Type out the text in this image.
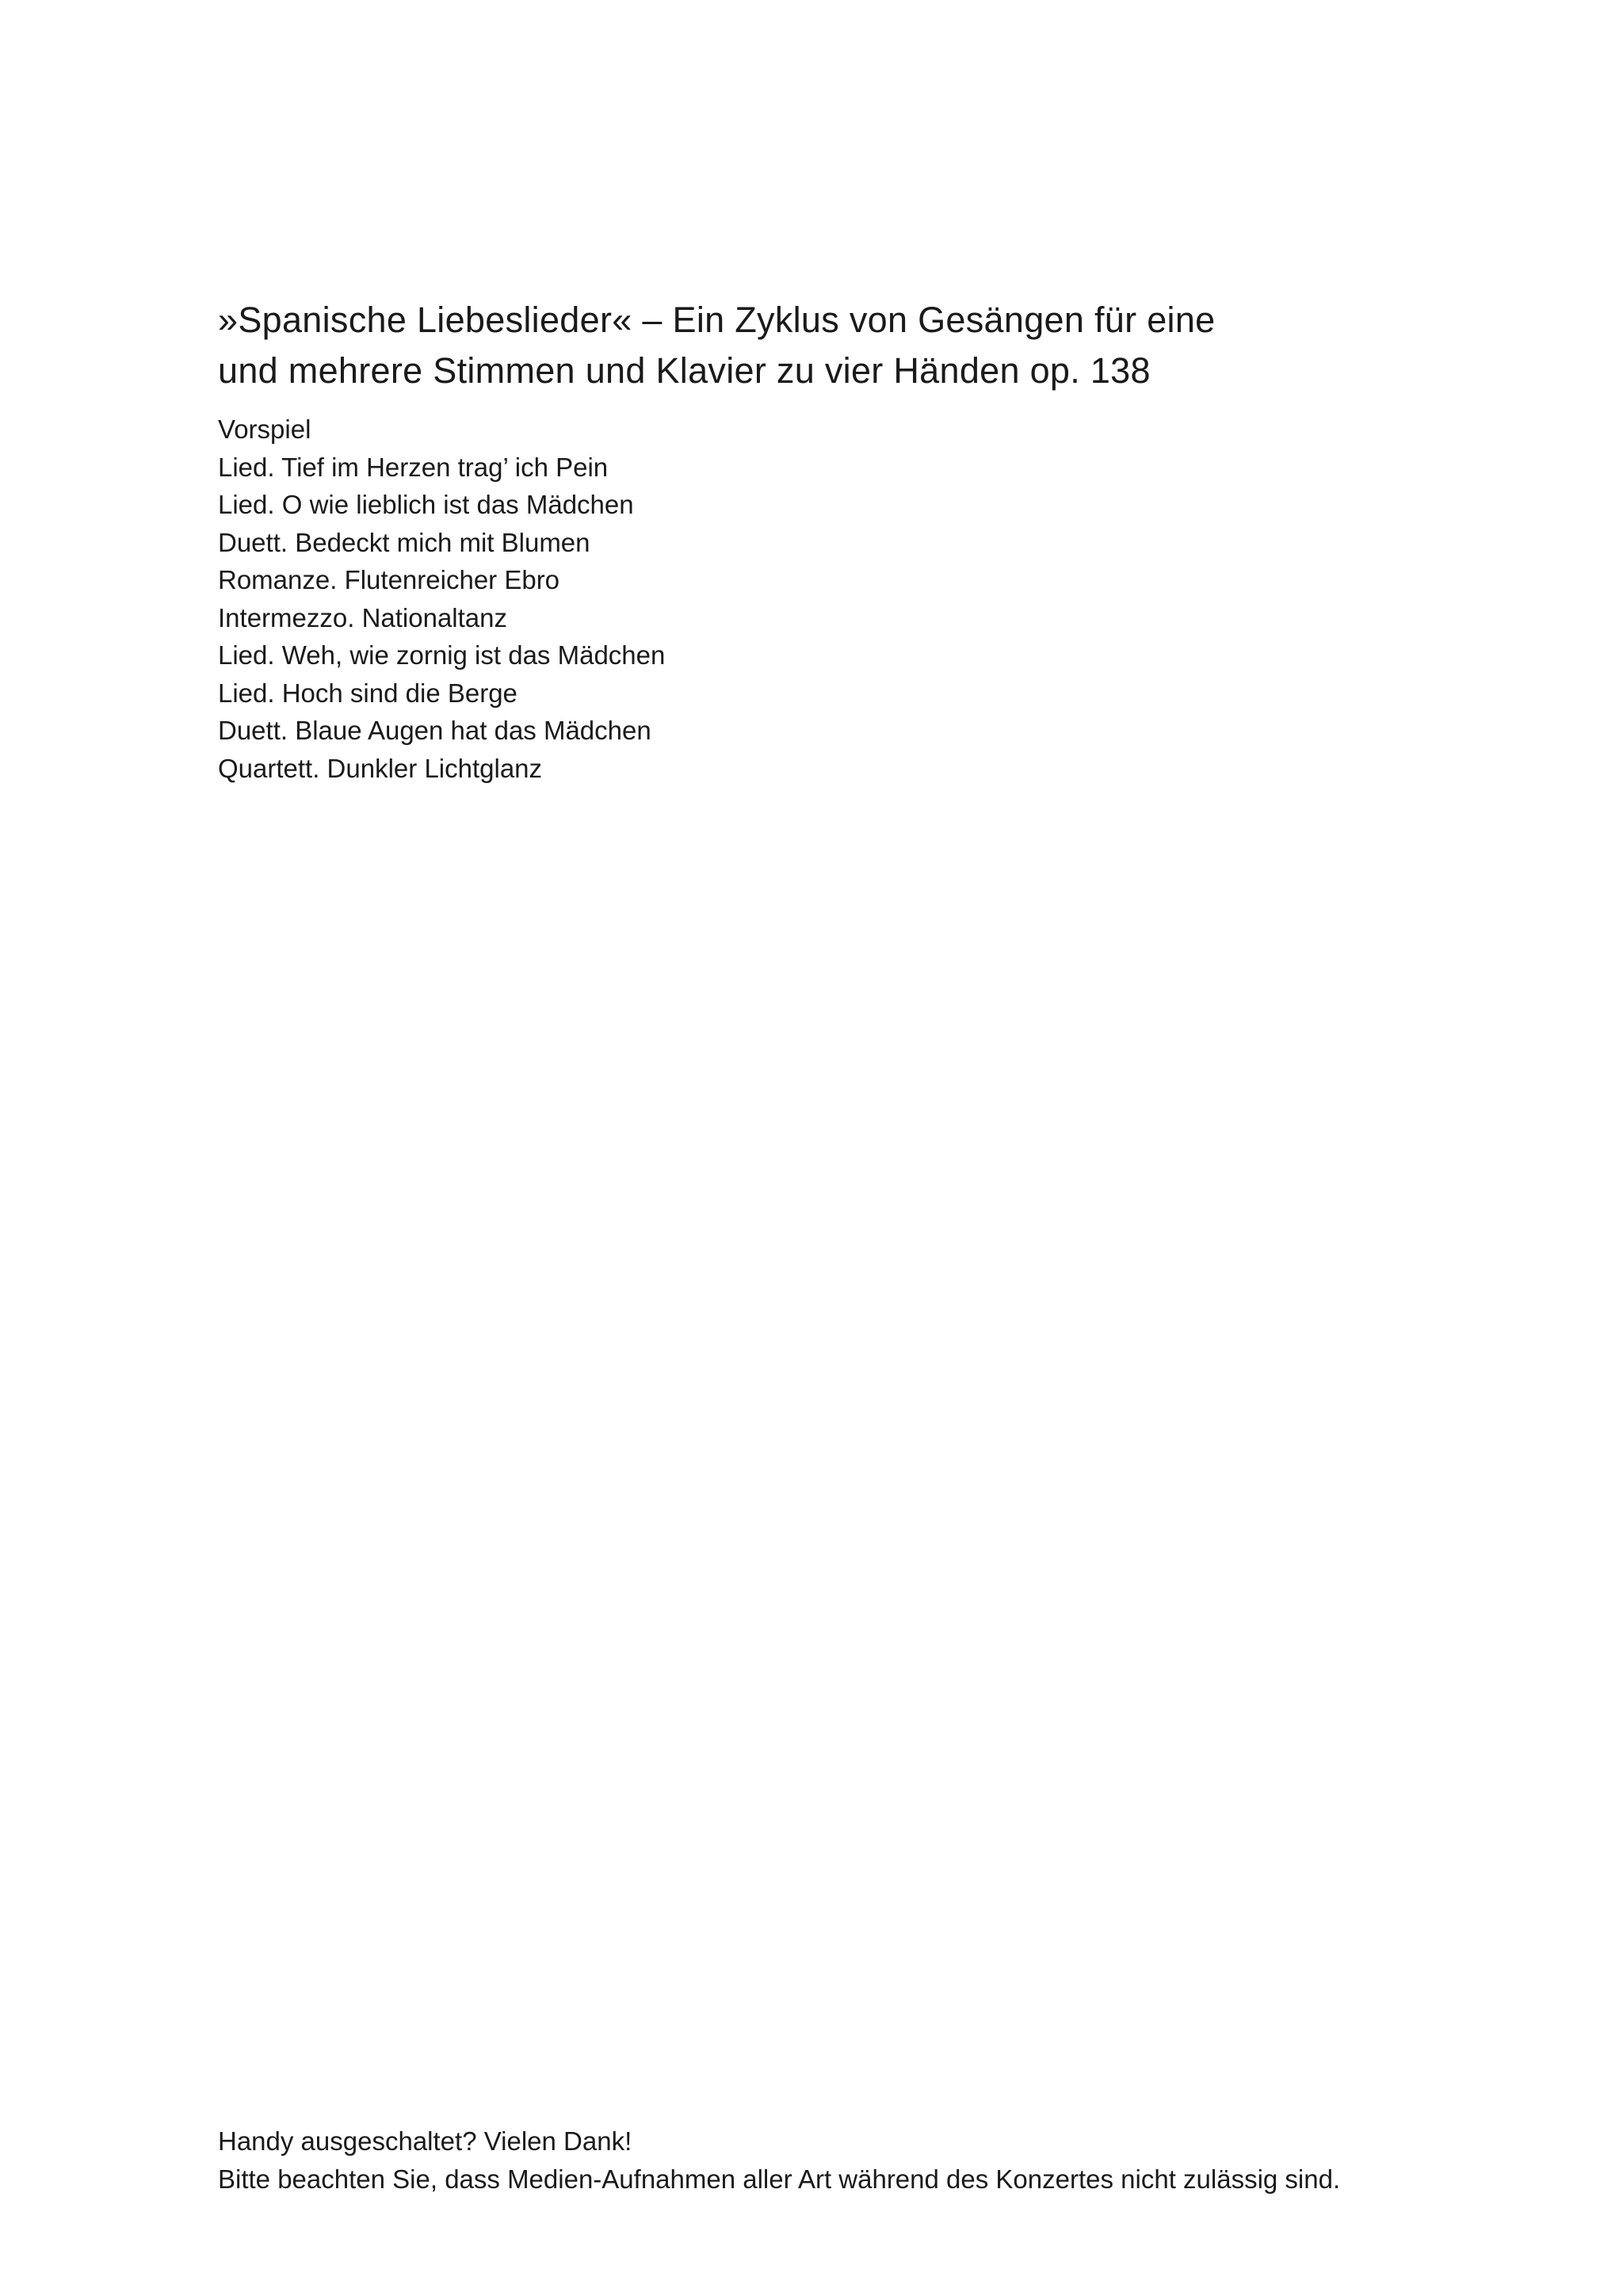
»Spanische Liebeslieder« – Ein Zyklus von Gesängen für eine
und mehrere Stimmen und Klavier zu vier Händen op. 138
Vorspiel
Lied. Tief im Herzen trag’ ich Pein
Lied. O wie lieblich ist das Mädchen
Duett. Bedeckt mich mit Blumen
Romanze. Flutenreicher Ebro
Intermezzo. Nationaltanz
Lied. Weh, wie zornig ist das Mädchen
Lied. Hoch sind die Berge
Duett. Blaue Augen hat das Mädchen
Quartett. Dunkler Lichtglanz

Handy ausgeschaltet? Vielen Dank!

Bitte beachten Sie, dass Medien-Aufnahmen aller Art während des Konzertes nicht zulässig sind.
